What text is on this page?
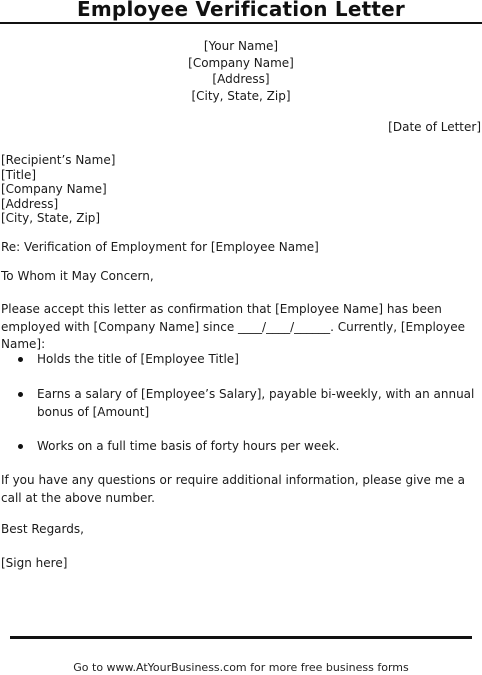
Employee Verification Letter
[Your Name]
[Company Name]
[Address]
[City, State, Zip]
[Date of Letter]
[Recipient’s Name]
[Title]
[Company Name]
[Address]
[City, State, Zip]
Re: Verification of Employment for [Employee Name]
To Whom it May Concern,
Please accept this letter as confirmation that [Employee Name] has been employed with [Company Name] since ____/____/______. Currently, [Employee Name]:
Holds the title of [Employee Title]
Earns a salary of [Employee’s Salary], payable bi-weekly, with an annual bonus of [Amount]
Works on a full time basis of forty hours per week.
If you have any questions or require additional information, please give me a call at the above number.
Best Regards,
[Sign here]
Go to www.AtYourBusiness.com for more free business forms
